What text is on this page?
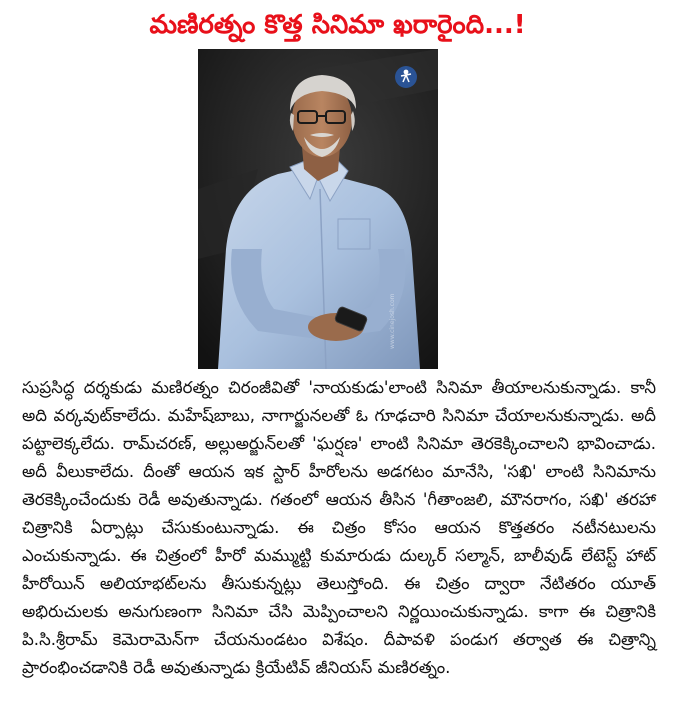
మణిరత్నం కొత్త సినిమా ఖరారైంది...!
www.cinejosh.com
సుప్రసిద్ధ దర్శకుడు మణిరత్నం చిరంజీవితో 'నాయకుడు'లాంటి సినిమా తీయాలనుకున్నాడు. కానీ అది వర్కవుట్‌కాలేదు. మహేష్‌బాబు, నాగార్జునలతో ఓ గూఢచారి సినిమా చేయాలనుకున్నాడు. అదీ పట్టాలెక్కలేదు. రామ్‌చరణ్, అల్లుఅర్జున్‌లతో 'ఘర్షణ' లాంటి సినిమా తెరకెక్కించాలని భావించాడు. అదీ వీలుకాలేదు. దీంతో ఆయన ఇక స్టార్ హీరోలను అడగటం మానేసి, 'సఖి' లాంటి సినిమాను తెరకెక్కించేందుకు రెడీ అవుతున్నాడు. గతంలో ఆయన తీసిన 'గీతాంజలి, మౌనరాగం, సఖి' తరహా చిత్రానికి ఏర్పాట్లు చేసుకుంటున్నాడు. ఈ చిత్రం కోసం ఆయన కొత్తతరం నటీనటులను ఎంచుకున్నాడు. ఈ చిత్రంలో హీరో మమ్ముట్టి కుమారుడు దుల్కర్ సల్మాన్, బాలీవుడ్ లేటెస్ట్ హాట్ హీరోయిన్ అలియాభట్‌లను తీసుకున్నట్లు తెలుస్తోంది. ఈ చిత్రం ద్వారా నేటితరం యూత్ అభిరుచులకు అనుగుణంగా సినిమా చేసి మెప్పించాలని నిర్ణయించుకున్నాడు. కాగా ఈ చిత్రానికి పి.సి.శ్రీరామ్ కెమెరామెన్‌గా చేయనుండటం విశేషం. దీపావళి పండుగ తర్వాత ఈ చిత్రాన్ని ప్రారంభించడానికి రెడీ అవుతున్నాడు క్రియేటివ్ జీనియస్ మణిరత్నం.
